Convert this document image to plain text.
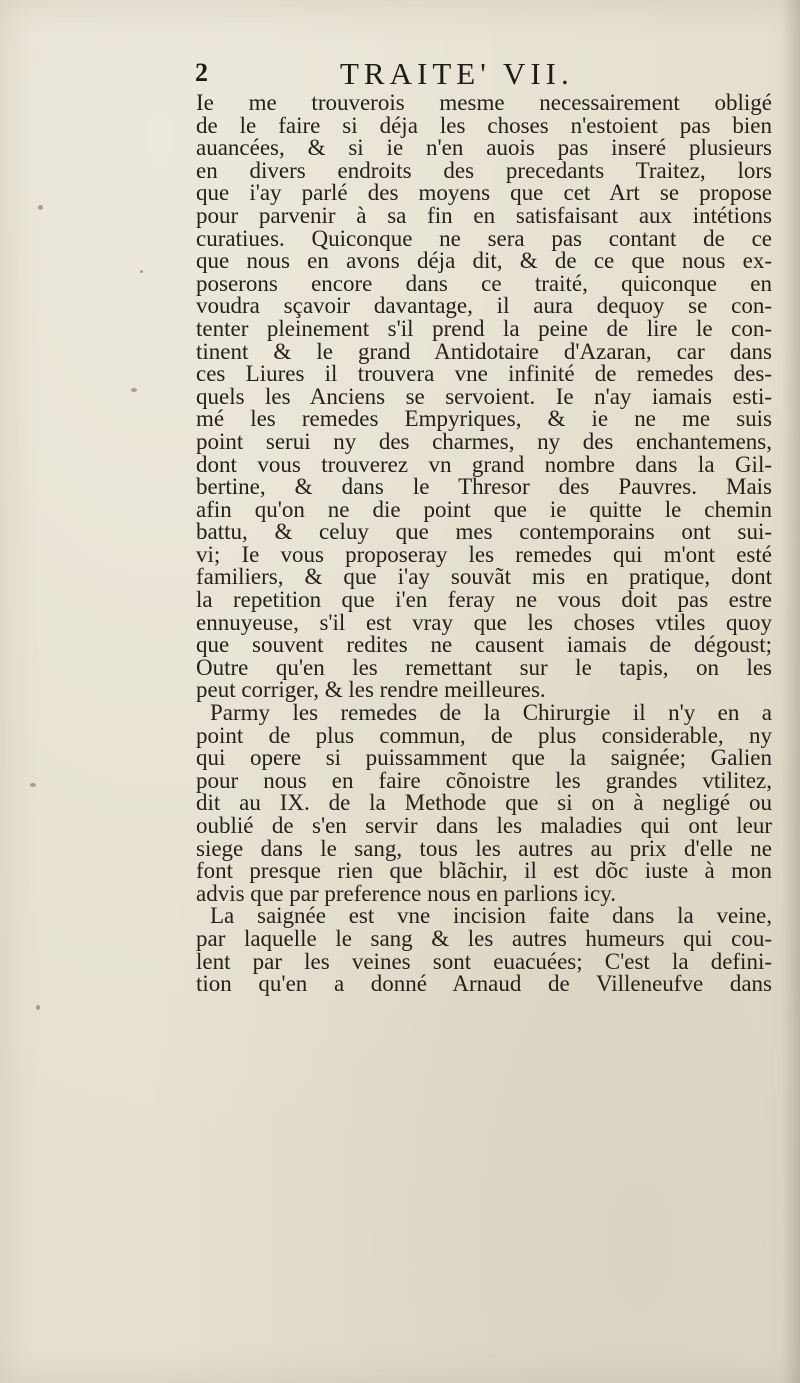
2	TRAITE' VII.
Ie me trouverois mesme necessairement obligé
de le faire si déja les choses n'estoient pas bien
auancées, & si ie n'en auois pas inseré plusieurs
en divers endroits des precedants Traitez, lors
que i'ay parlé des moyens que cet Art se propose
pour parvenir à sa fin en satisfaisant aux intétions
curatiues. Quiconque ne sera pas contant de ce
que nous en avons déja dit, & de ce que nous ex-
poserons encore dans ce traité, quiconque en
voudra sçavoir davantage, il aura dequoy se con-
tenter pleinement s'il prend la peine de lire le con-
tinent & le grand Antidotaire d'Azaran, car dans
ces Liures il trouvera vne infinité de remedes des-
quels les Anciens se servoient. Ie n'ay iamais esti-
mé les remedes Empyriques, & ie ne me suis
point serui ny des charmes, ny des enchantemens,
dont vous trouverez vn grand nombre dans la Gil-
bertine, & dans le Thresor des Pauvres. Mais
afin qu'on ne die point que ie quitte le chemin
battu, & celuy que mes contemporains ont sui-
vi; Ie vous proposeray les remedes qui m'ont esté
familiers, & que i'ay souvãt mis en pratique, dont
la repetition que i'en feray ne vous doit pas estre
ennuyeuse, s'il est vray que les choses vtiles quoy
que souvent redites ne causent iamais de dégoust;
Outre qu'en les remettant sur le tapis, on les
peut corriger, & les rendre meilleures.
Parmy les remedes de la Chirurgie il n'y en a
point de plus commun, de plus considerable, ny
qui opere si puissamment que la saignée; Galien
pour nous en faire cõnoistre les grandes vtilitez,
dit au IX. de la Methode que si on à negligé ou
oublié de s'en servir dans les maladies qui ont leur
siege dans le sang, tous les autres au prix d'elle ne
font presque rien que blãchir, il est dõc iuste à mon
advis que par preference nous en parlions icy.
La saignée est vne incision faite dans la veine,
par laquelle le sang & les autres humeurs qui cou-
lent par les veines sont euacuées; C'est la defini-
tion qu'en a donné Arnaud de Villeneufve dans
